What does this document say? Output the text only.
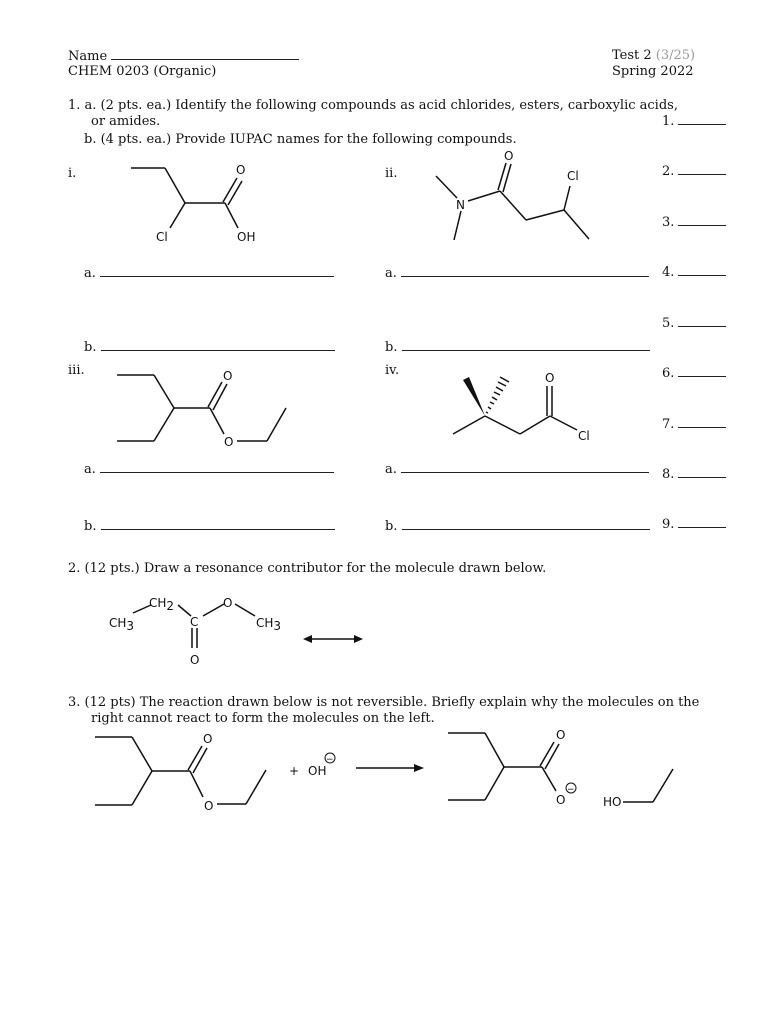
Name
CHEM 0203 (Organic)
Test 2 (3/25)
Spring 2022
1. a. (2 pts. ea.) Identify the following compounds as acid chlorides, esters, carboxylic acids,
or amides.
b. (4 pts. ea.) Provide IUPAC names for the following compounds.
1.
2.
3.
4.
5.
6.
7.
8.
9.
i.	O
Cl	OH
a.
b.
ii.
N
O
Cl
a.
b.
iii.	O
O
a.
b.
iv.	O
Cl
a.
b.
2. (12 pts.) Draw a resonance contributor for the molecule drawn below.
CH3
CH2
C
O
CH3
O
3. (12 pts) The reaction drawn below is not reversible. Briefly explain why the molecules on the
right cannot react to form the molecules on the left.
O
O
+ OH
−
O
O
−
HO
